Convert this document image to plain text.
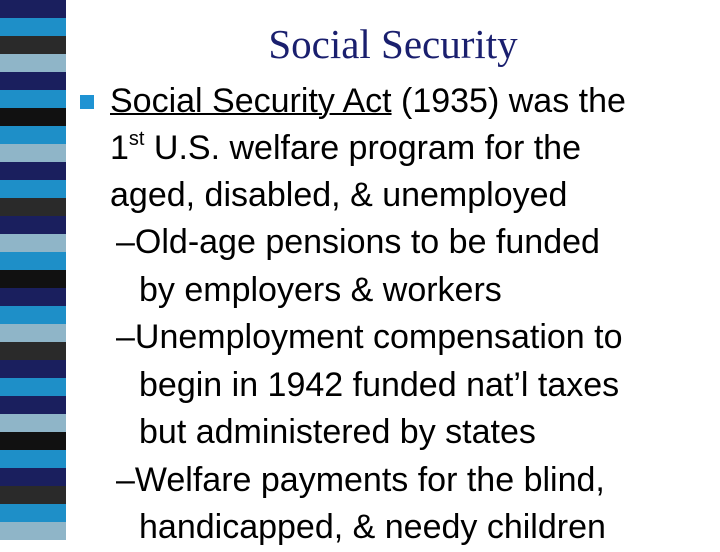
Social Security
Social Security Act (1935) was the
1st U.S. welfare program for the
aged, disabled, & unemployed
–Old-age pensions to be funded
by employers & workers
–Unemployment compensation to
begin in 1942 funded nat’l taxes
but administered by states
–Welfare payments for the blind,
handicapped, & needy children
